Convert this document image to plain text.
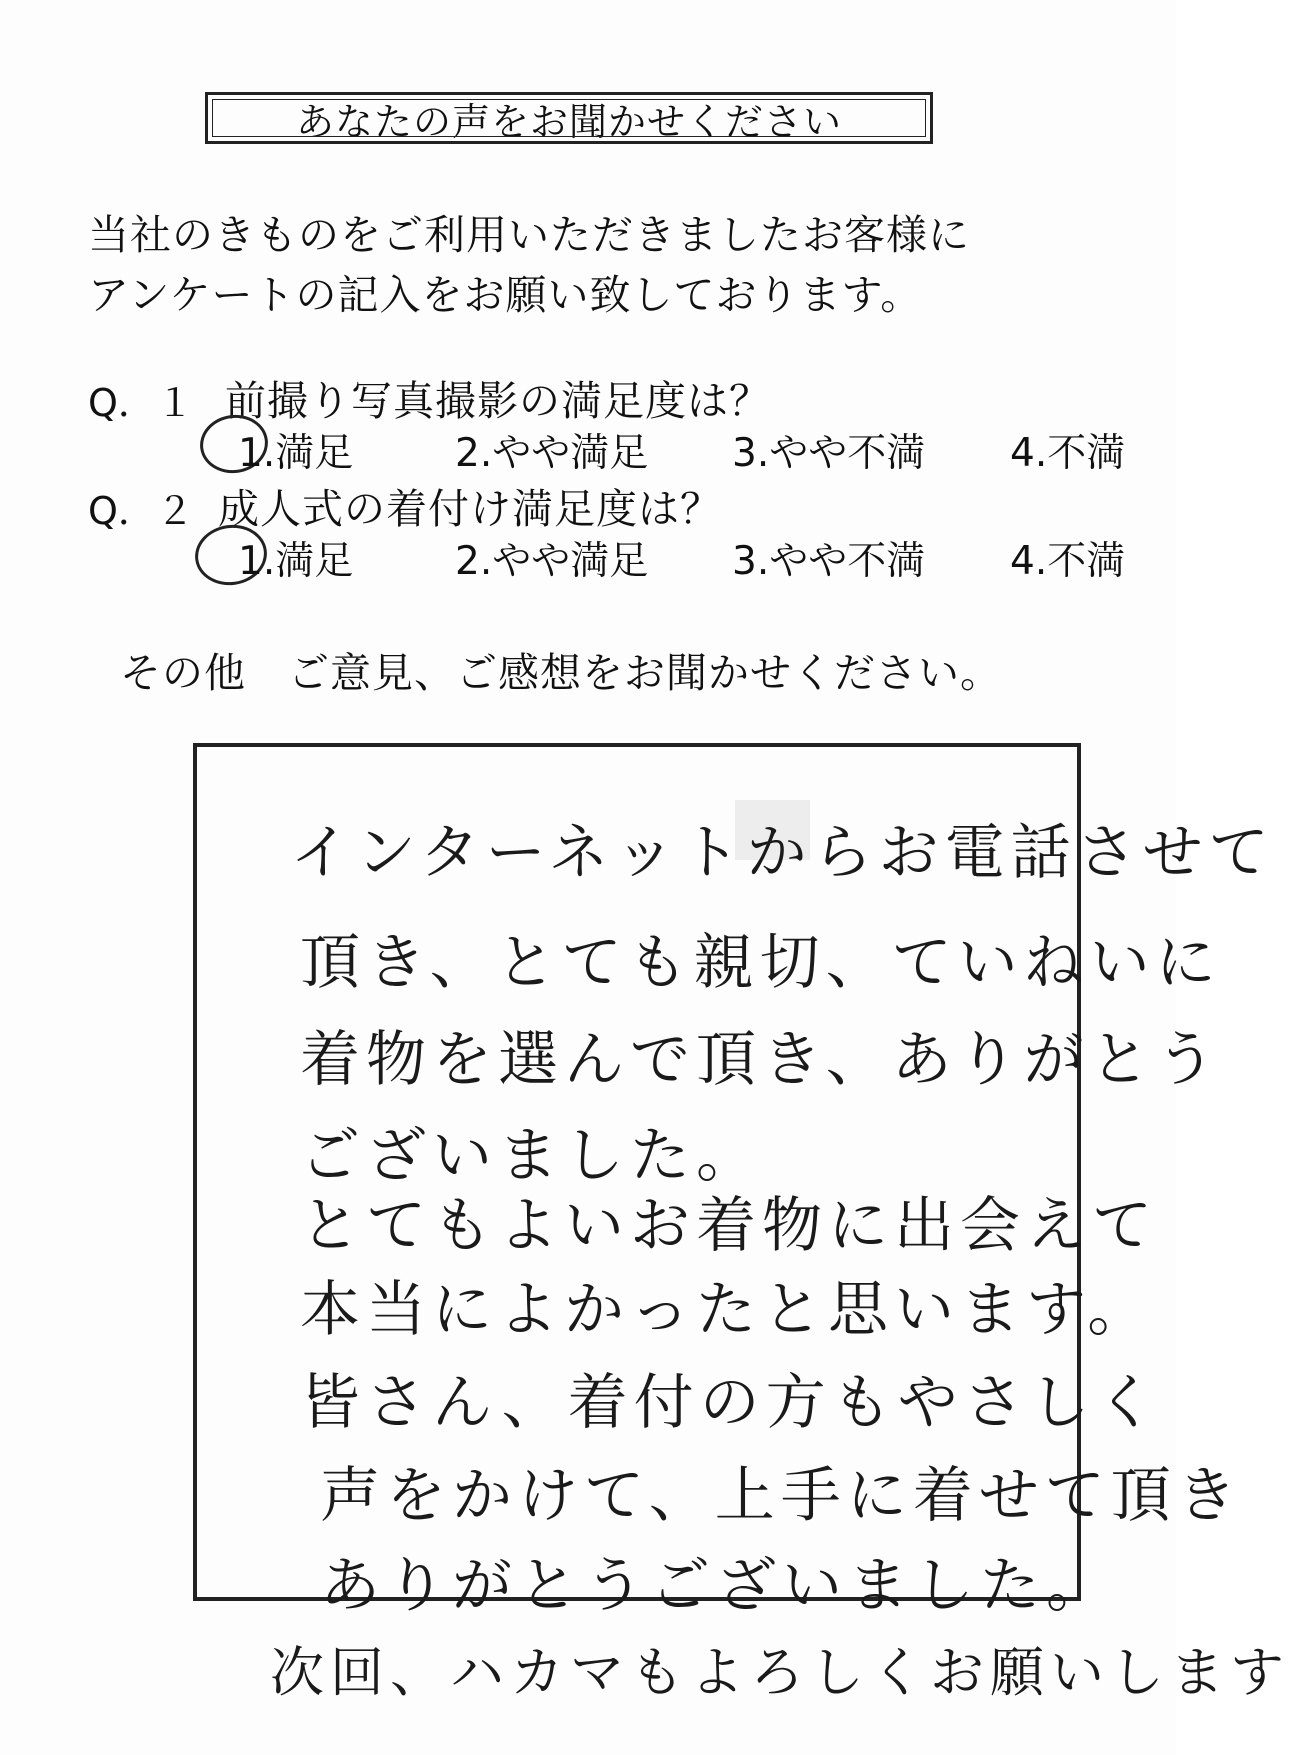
あなたの声をお聞かせください
当社のきものをご利用いただきましたお客様に
アンケートの記入をお願い致しております。
Q．１ 前撮り写真撮影の満足度は？
1.満足	2.やや満足 3.やや不満 4.不満
Q．２ 成人式の着付け満足度は？
1.満足	2.やや満足 3.やや不満 4.不満
その他　ご意見、ご感想をお聞かせください。
インターネットからお電話させて
頂き、とても親切、ていねいに
着物を選んで頂き、ありがとう
ございました。
とてもよいお着物に出会えて
本当によかったと思います。
皆さん、着付の方もやさしく
声をかけて、上手に着せて頂き
ありがとうございました。
次回、ハカマもよろしくお願いします
